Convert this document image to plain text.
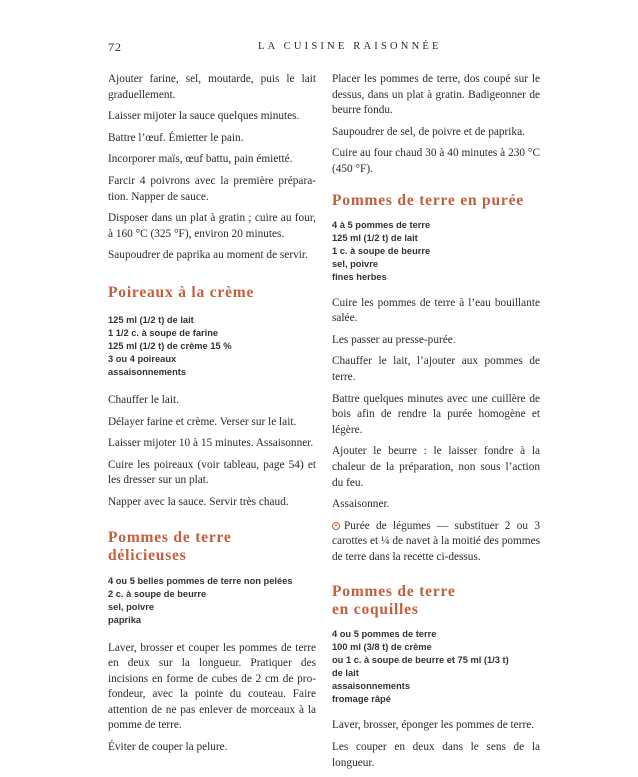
72	LA CUISINE RAISONNÉE

Ajouter farine, sel, moutarde, puis le lait graduellement.

Laisser mijoter la sauce quelques minutes.

Battre l’œuf. Émietter le pain.

Incorporer maïs, œuf battu, pain émietté.

Farcir 4 poivrons avec la première préparation. Napper de sauce.

Disposer dans un plat à gratin ; cuire au four, à 160 °C (325 °F), environ 20 minutes.

Saupoudrer de paprika au moment de servir.

Poireaux à la crème
125 ml (1/2 t) de lait
1 1/2 c. à soupe de farine
125 ml (1/2 t) de crème 15 %
3 ou 4 poireaux
assaisonnements

Chauffer le lait.

Délayer farine et crème. Verser sur le lait.

Laisser mijoter 10 à 15 minutes. Assaisonner.

Cuire les poireaux (voir tableau, page 54) et les dresser sur un plat.

Napper avec la sauce. Servir très chaud.

Pommes de terre
délicieuses
4 ou 5 belles pommes de terre non pelées
2 c. à soupe de beurre
sel, poivre
paprika

Laver, brosser et couper les pommes de terre en deux sur la longueur. Pratiquer des incisions en forme de cubes de 2 cm de profondeur, avec la pointe du couteau. Faire attention de ne pas enlever de morceaux à la pomme de terre.

Éviter de couper la pelure.

Placer les pommes de terre, dos coupé sur le dessus, dans un plat à gratin. Badigeonner de beurre fondu.

Saupoudrer de sel, de poivre et de paprika.

Cuire au four chaud 30 à 40 minutes à 230 °C (450 °F).

Pommes de terre en purée
4 à 5 pommes de terre
125 ml (1/2 t) de lait
1 c. à soupe de beurre
sel, poivre
fines herbes

Cuire les pommes de terre à l’eau bouillante salée.

Les passer au presse-purée.

Chauffer le lait, l’ajouter aux pommes de terre.

Battre quelques minutes avec une cuillère de bois afin de rendre la purée homogène et légère.

Ajouter le beurre : le laisser fondre à la chaleur de la préparation, non sous l’action du feu.

Assaisonner.

Purée de légumes — substituer 2 ou 3 carottes et ¼ de navet à la moitié des pommes de terre dans la recette ci-dessus.

Pommes de terre
en coquilles
4 ou 5 pommes de terre
100 ml (3/8 t) de crème
ou 1 c. à soupe de beurre et 75 ml (1/3 t)
de lait
assaisonnements
fromage râpé

Laver, brosser, éponger les pommes de terre.

Les couper en deux dans le sens de la longueur.
